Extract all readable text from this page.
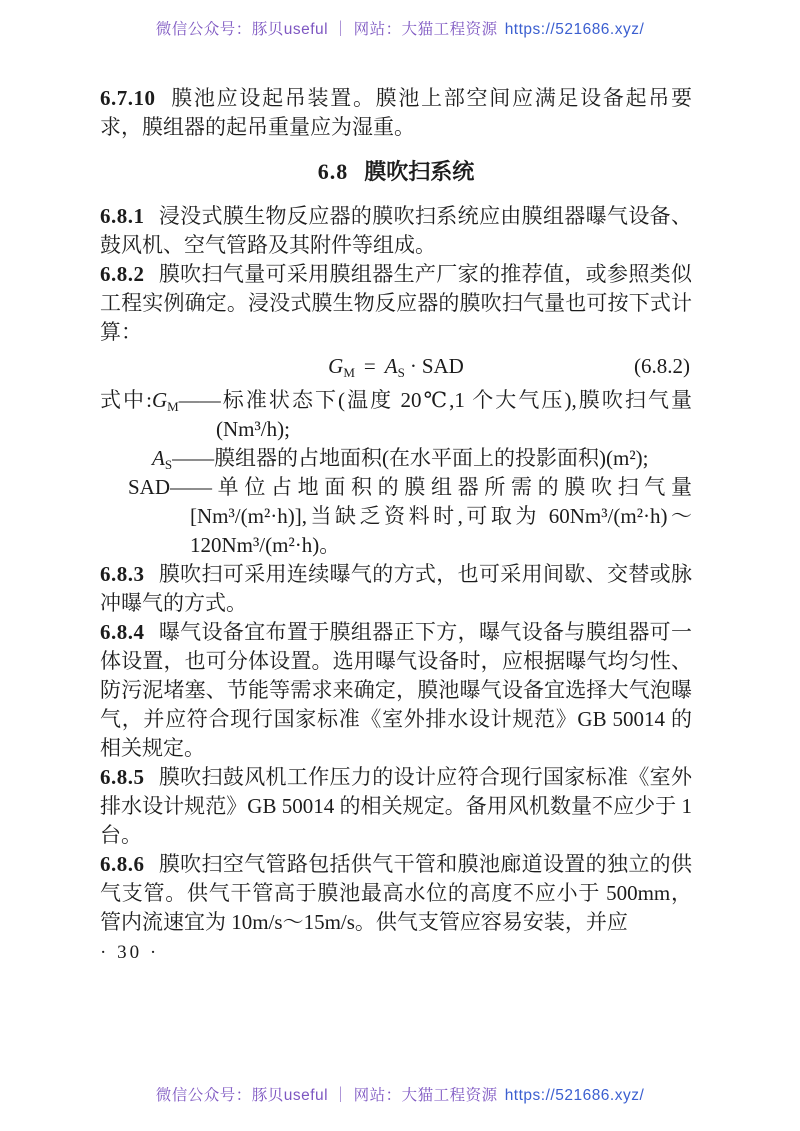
微信公众号：豚贝useful ｜ 网站：大猫工程资源 https://521686.xyz/

6.7.10 膜池应设起吊装置。膜池上部空间应满足设备起吊要求，膜组器的起吊重量应为湿重。

6.8 膜吹扫系统

6.8.1 浸没式膜生物反应器的膜吹扫系统应由膜组器曝气设备、鼓风机、空气管路及其附件等组成。

6.8.2 膜吹扫气量可采用膜组器生产厂家的推荐值，或参照类似工程实例确定。浸没式膜生物反应器的膜吹扫气量也可按下式计算：

$G_M = A_S$ · SAD	(6.8.2)
式中$:G_M——$标准状态下(温度 20℃,1 个大气压),膜吹扫气量(Nm³/h);
$A_S——$膜组器的占地面积(在水平面上的投影面积)(m²);
SAD——单位占地面积的膜组器所需的膜吹扫气量[Nm³/(m²·h)],当缺乏资料时,可取为 60Nm³/(m²·h)～120Nm³/(m²·h)。

6.8.3 膜吹扫可采用连续曝气的方式，也可采用间歇、交替或脉冲曝气的方式。

6.8.4 曝气设备宜布置于膜组器正下方，曝气设备与膜组器可一体设置，也可分体设置。选用曝气设备时，应根据曝气均匀性、防污泥堵塞、节能等需求来确定，膜池曝气设备宜选择大气泡曝气，并应符合现行国家标准《室外排水设计规范》GB 50014 的相关规定。

6.8.5 膜吹扫鼓风机工作压力的设计应符合现行国家标准《室外排水设计规范》GB 50014 的相关规定。备用风机数量不应少于 1 台。

6.8.6 膜吹扫空气管路包括供气干管和膜池廊道设置的独立的供气支管。供气干管高于膜池最高水位的高度不应小于 500mm，管内流速宜为 10m/s～15m/s。供气支管应容易安装，并应

· 30 ·
微信公众号：豚贝useful ｜ 网站：大猫工程资源 https://521686.xyz/
